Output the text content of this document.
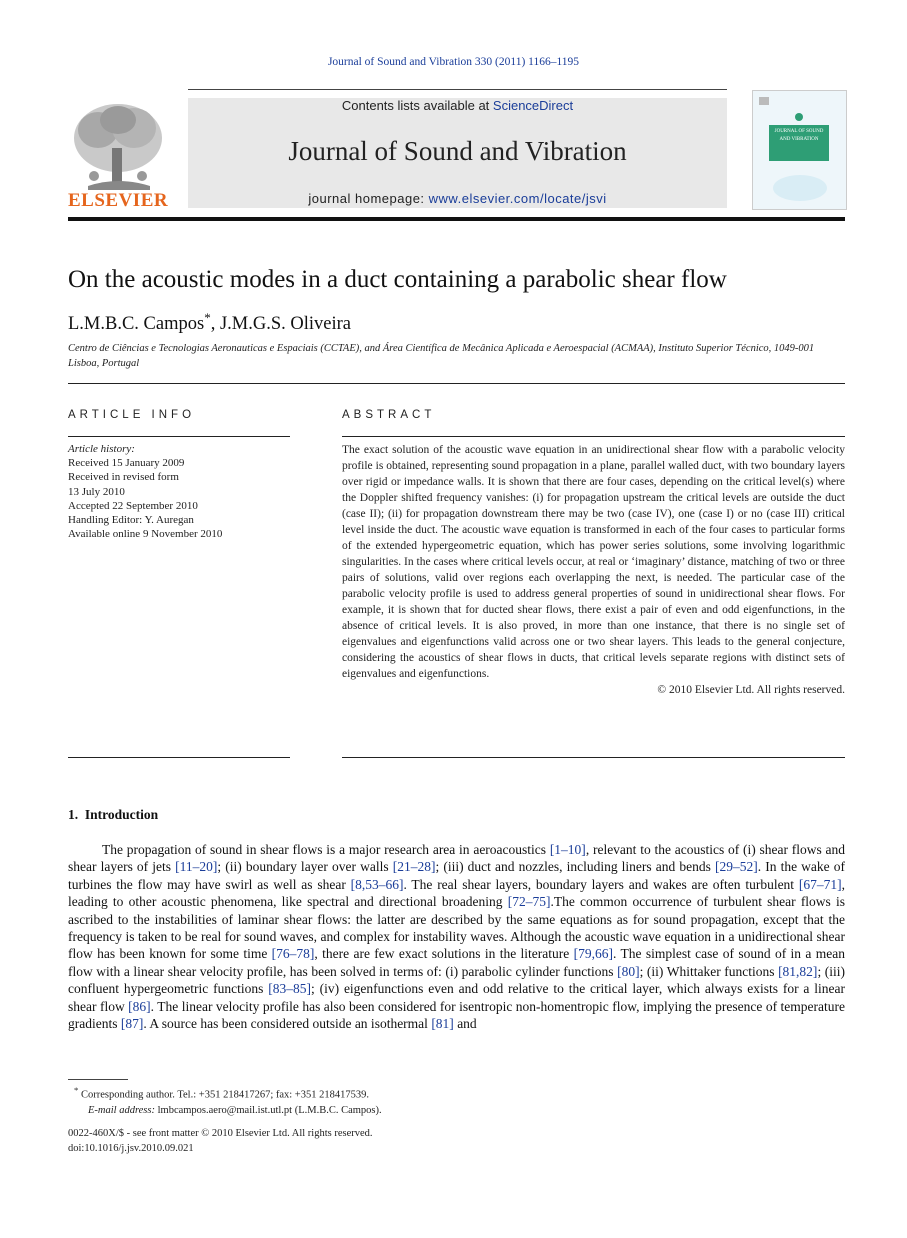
Journal of Sound and Vibration 330 (2011) 1166–1195
Contents lists available at ScienceDirect
Journal of Sound and Vibration
journal homepage: www.elsevier.com/locate/jsvi
ELSEVIER
JOURNAL OF SOUND AND VIBRATION
On the acoustic modes in a duct containing a parabolic shear flow
L.M.B.C. Campos*, J.M.G.S. Oliveira
Centro de Ciências e Tecnologias Aeronauticas e Espaciais (CCTAE), and Área Científica de Mecânica Aplicada e Aeroespacial (ACMAA), Instituto Superior Técnico, 1049-001 Lisboa, Portugal
ARTICLE INFO
Article history:
Received 15 January 2009
Received in revised form
13 July 2010
Accepted 22 September 2010
Handling Editor: Y. Auregan
Available online 9 November 2010
ABSTRACT
The exact solution of the acoustic wave equation in an unidirectional shear flow with a parabolic velocity profile is obtained, representing sound propagation in a plane, parallel walled duct, with two boundary layers over rigid or impedance walls. It is shown that there are four cases, depending on the critical level(s) where the Doppler shifted frequency vanishes: (i) for propagation upstream the critical levels are outside the duct (case II); (ii) for propagation downstream there may be two (case IV), one (case I) or no (case III) critical level inside the duct. The acoustic wave equation is transformed in each of the four cases to particular forms of the extended hypergeometric equation, which has power series solutions, some involving logarithmic singularities. In the cases where critical levels occur, at real or ‘imaginary’ distance, matching of two or three pairs of solutions, valid over regions each overlapping the next, is needed. The particular case of the parabolic velocity profile is used to address general properties of sound in unidirectional shear flows. For example, it is shown that for ducted shear flows, there exist a pair of even and odd eigenfunctions, in the absence of critical levels. It is also proved, in more than one instance, that there is no single set of eigenvalues and eigenfunctions valid across one or two shear layers. This leads to the general conjecture, considering the acoustics of shear flows in ducts, that critical levels separate regions with distinct sets of eigenvalues and eigenfunctions.
© 2010 Elsevier Ltd. All rights reserved.
1. Introduction
The propagation of sound in shear flows is a major research area in aeroacoustics [1–10], relevant to the acoustics of (i) shear flows and shear layers of jets [11–20]; (ii) boundary layer over walls [21–28]; (iii) duct and nozzles, including liners and bends [29–52]. In the wake of turbines the flow may have swirl as well as shear [8,53–66]. The real shear layers, boundary layers and wakes are often turbulent [67–71], leading to other acoustic phenomena, like spectral and directional broadening [72–75].The common occurrence of turbulent shear flows is ascribed to the instabilities of laminar shear flows: the latter are described by the same equations as for sound propagation, except that the frequency is taken to be real for sound waves, and complex for instability waves. Although the acoustic wave equation in a unidirectional shear flow has been known for some time [76–78], there are few exact solutions in the literature [79,66]. The simplest case of sound of in a mean flow with a linear shear velocity profile, has been solved in terms of: (i) parabolic cylinder functions [80]; (ii) Whittaker functions [81,82]; (iii) confluent hypergeometric functions [83–85]; (iv) eigenfunctions even and odd relative to the critical layer, which always exists for a linear shear flow [86]. The linear velocity profile has also been considered for isentropic non-homentropic flow, implying the presence of temperature gradients [87]. A source has been considered outside an isothermal [81] and
* Corresponding author. Tel.: +351 218417267; fax: +351 218417539.
E-mail address: lmbcampos.aero@mail.ist.utl.pt (L.M.B.C. Campos).
0022-460X/$ - see front matter © 2010 Elsevier Ltd. All rights reserved.
doi:10.1016/j.jsv.2010.09.021
